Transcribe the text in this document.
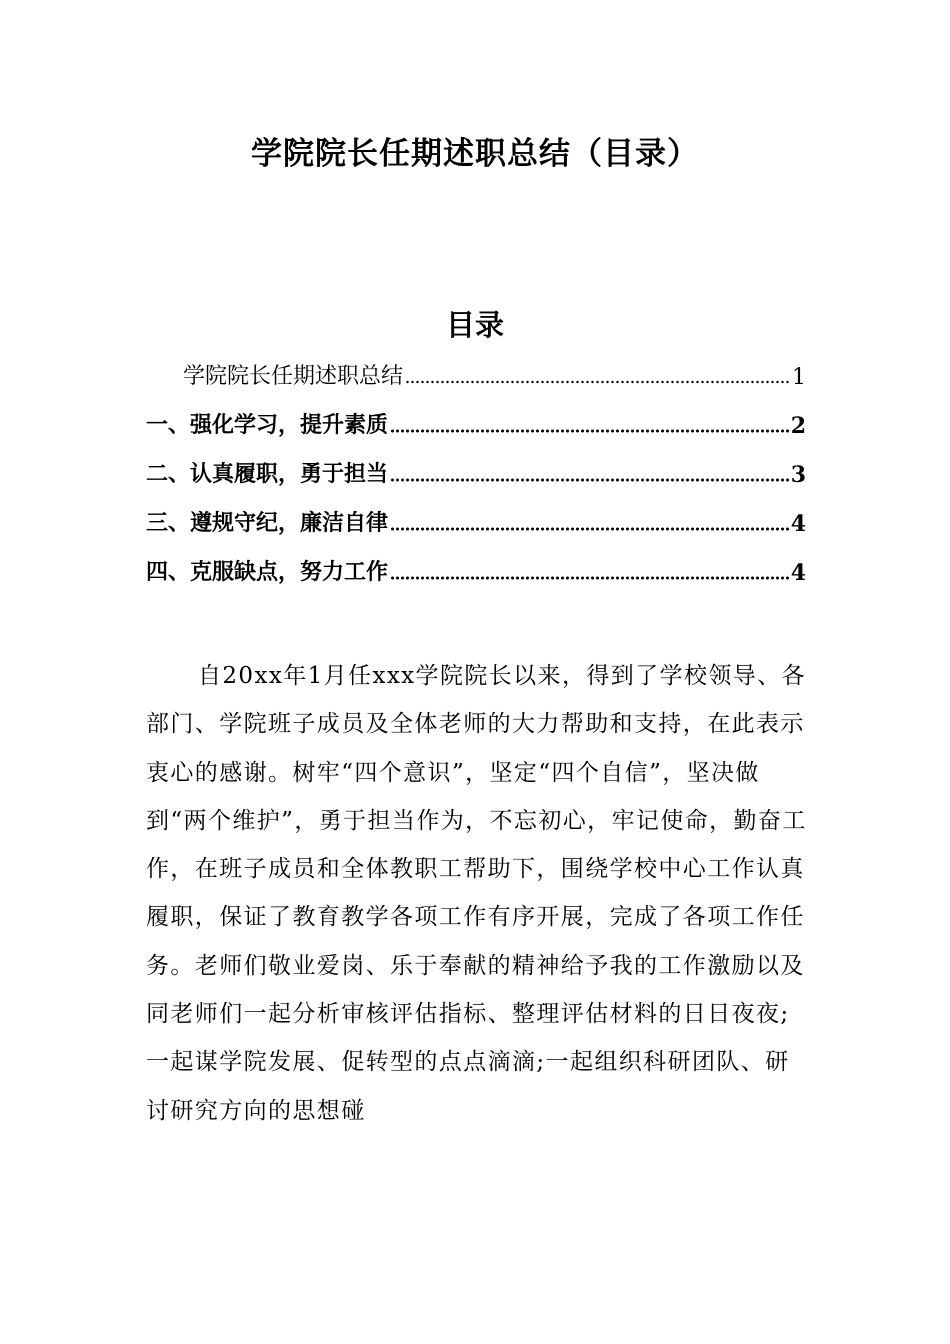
学院院长任期述职总结（目录）
目录
学院院长任期述职总结	1
一、强化学习，提升素质	2
二、认真履职，勇于担当	3
三、遵规守纪，廉洁自律	4
四、克服缺点，努力工作	4

自20xx年1月任xxx学院院长以来，得到了学校领导、各部门、学院班子成员及全体老师的大力帮助和支持，在此表示衷心的感谢。树牢“四个意识”，坚定“四个自信”，坚决做到“两个维护”，勇于担当作为，不忘初心，牢记使命，勤奋工作，在班子成员和全体教职工帮助下，围绕学校中心工作认真履职，保证了教育教学各项工作有序开展，完成了各项工作任务。老师们敬业爱岗、乐于奉献的精神给予我的工作激励以及同老师们一起分析审核评估指标、整理评估材料的日日夜夜;一起谋学院发展、促转型的点点滴滴;一起组织科研团队、研讨研究方向的思想碰
